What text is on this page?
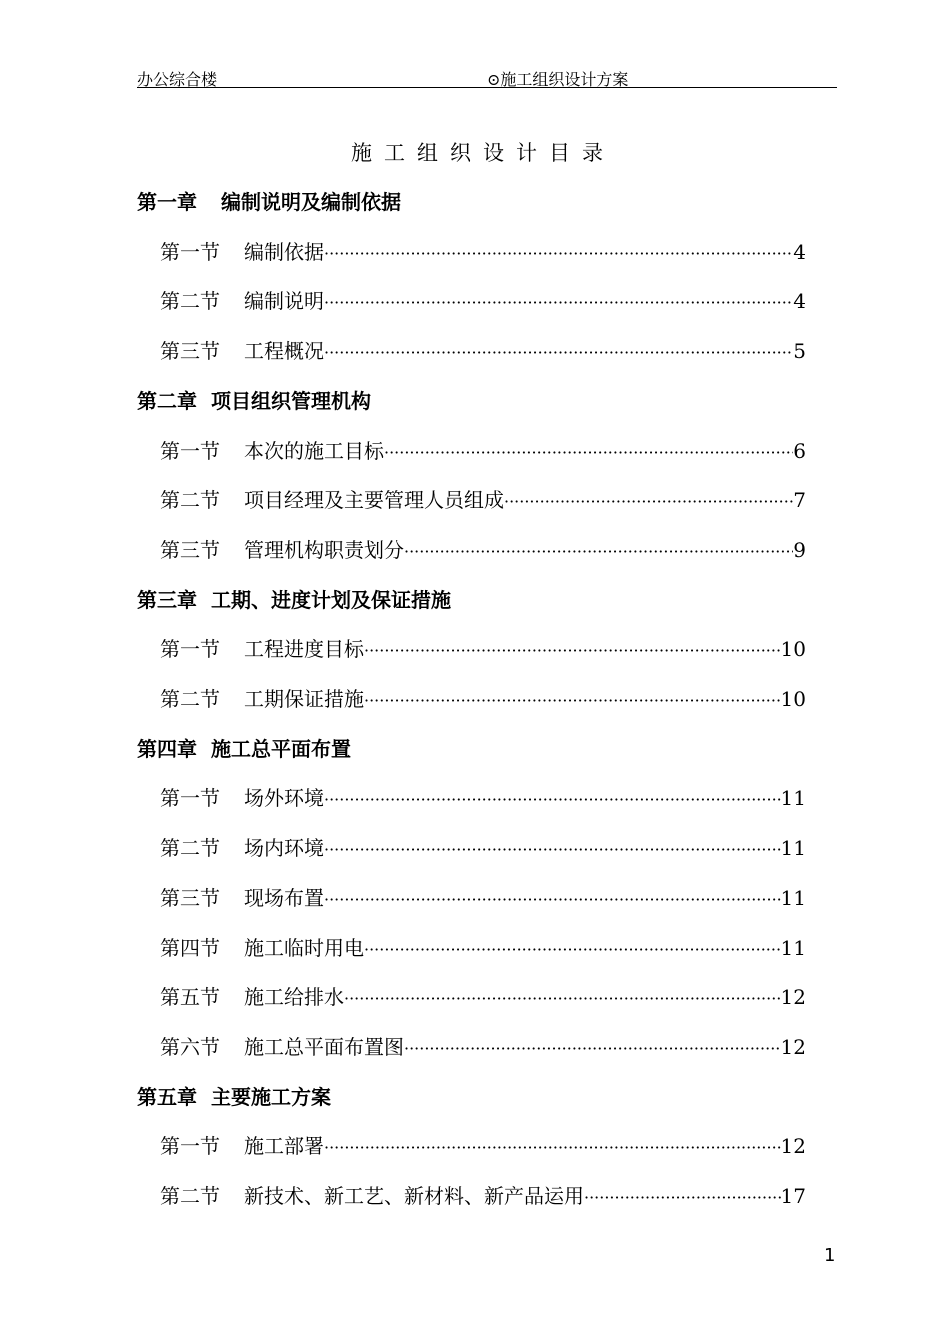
办公综合楼	⊙施工组织设计方案
施工组织设计目录
第一章 编制说明及编制依据
第一节 编制依据 ·····	4
第二节 编制说明 ·····	4
第三节 工程概况 ·····	5
第二章 项目组织管理机构
第一节 本次的施工目标 ·····	6
第二节 项目经理及主要管理人员组成 ·····	7
第三节 管理机构职责划分 ·····	9
第三章 工期、进度计划及保证措施
第一节 工程进度目标 ·····	10
第二节 工期保证措施 ·····	10
第四章 施工总平面布置
第一节 场外环境 ·····	11
第二节 场内环境 ·····	11
第三节 现场布置 ·····	11
第四节 施工临时用电 ·····	11
第五节 施工给排水 ·····	12
第六节 施工总平面布置图 ·····	12
第五章 主要施工方案
第一节 施工部署 ·····	12
第二节 新技术、新工艺、新材料、新产品运用 ·····	17
1
